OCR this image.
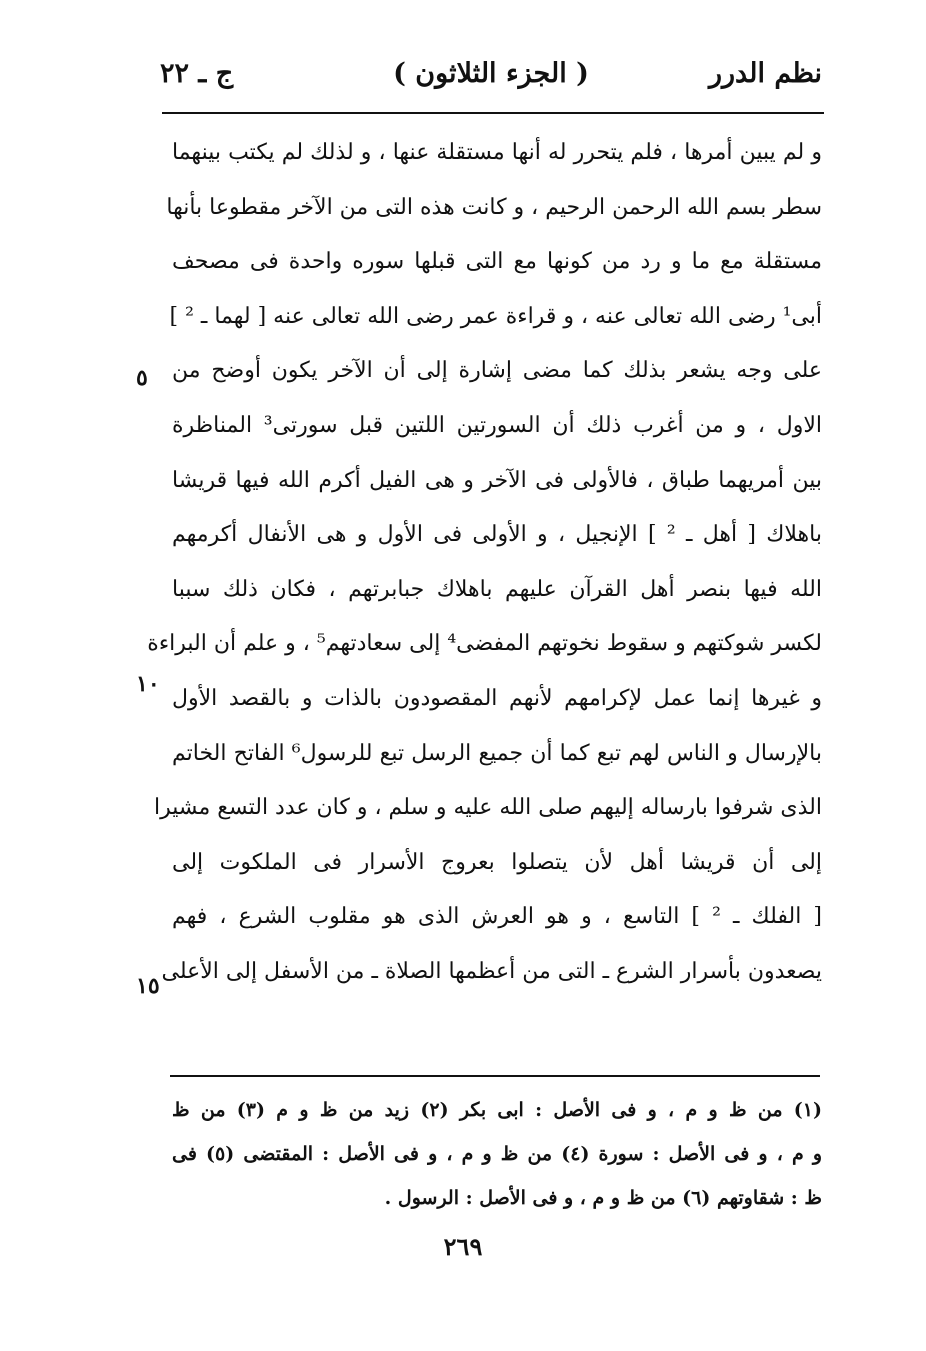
نظم الدرر
( الجزء الثلاثون )
ج ـ ٢٢
و لم يبين أمرها ، فلم يتحرر له أنها مستقلة عنها ، و لذلك لم يكتب بينهما
سطر بسم الله الرحمن الرحيم ، و كانت هذه التى من الآخر مقطوعا بأنها
مستقلة مع ما و رد من كونها مع التى قبلها سوره واحدة فى مصحف
أبى¹ رضى الله تعالى عنه ، و قراءة عمر رضى الله تعالى عنه [ لهما ـ ² ]
على وجه يشعر بذلك كما مضى إشارة إلى أن الآخر يكون أوضح من
الاول ، و من أغرب ذلك أن السورتين اللتين قبل سورتى³ المناظرة
بين أمريهما طباق ، فالأولى فى الآخر و هى الفيل أكرم الله فيها قريشا
باهلاك [ أهل ـ ² ] الإنجيل ، و الأولى فى الأول و هى الأنفال أكرمهم
الله فيها بنصر أهل القرآن عليهم باهلاك جبابرتهم ، فكان ذلك سببا
لكسر شوكتهم و سقوط نخوتهم المفضى⁴ إلى سعادتهم⁵ ، و علم أن البراءة
و غيرها إنما عمل لإكرامهم لأنهم المقصودون بالذات و بالقصد الأول
بالإرسال و الناس لهم تبع كما أن جميع الرسل تبع للرسول⁶ الفاتح الخاتم
الذى شرفوا بارساله إليهم صلى الله عليه و سلم ، و كان عدد التسع مشيرا
إلى أن قريشا أهل لأن يتصلوا بعروج الأسرار فى الملكوت إلى
[ الفلك ـ ² ] التاسع ، و هو العرش الذى هو مقلوب الشرع ، فهم
يصعدون بأسرار الشرع ـ التى من أعظمها الصلاة ـ من الأسفل إلى الأعلى
٥
١٠
١٥
(١) من ظ و م ، و فى الأصل : ابى بكر (٢) زيد من ظ و م (٣) من ظ
و م ، و فى الأصل : سورة (٤) من ظ و م ، و فى الأصل : المقتضى (٥) فى
ظ : شقاوتهم (٦) من ظ و م ، و فى الأصل : الرسول .
٢٦٩
